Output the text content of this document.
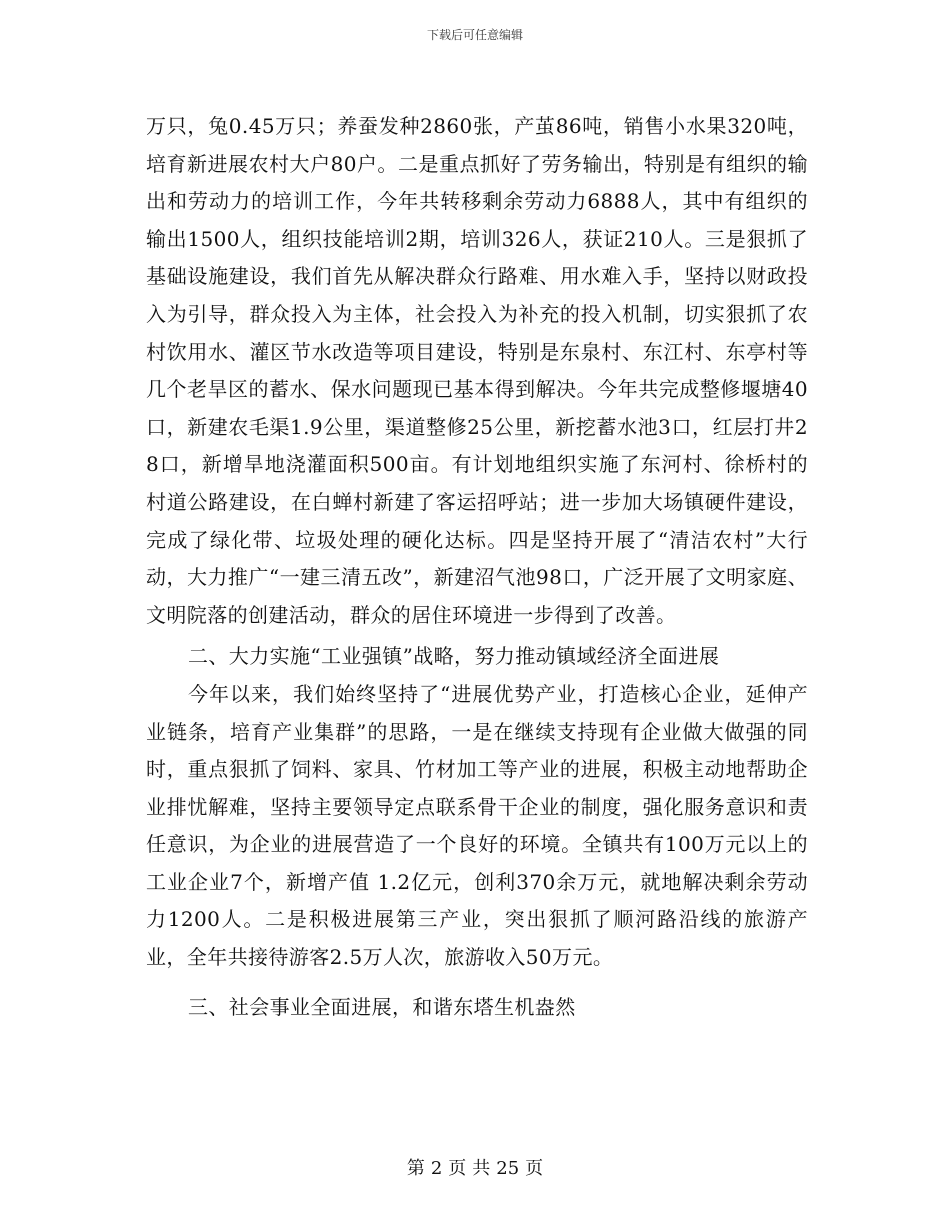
下载后可任意编辑

万只，兔0.45万只；养蚕发种2860张，产茧86吨，销售小水果320吨，培育新进展农村大户80户。二是重点抓好了劳务输出，特别是有组织的输出和劳动力的培训工作，今年共转移剩余劳动力6888人，其中有组织的输出1500人，组织技能培训2期，培训326人，获证210人。三是狠抓了基础设施建设，我们首先从解决群众行路难、用水难入手，坚持以财政投入为引导，群众投入为主体，社会投入为补充的投入机制，切实狠抓了农村饮用水、灌区节水改造等项目建设，特别是东泉村、东江村、东亭村等几个老旱区的蓄水、保水问题现已基本得到解决。今年共完成整修堰塘40口，新建农毛渠1.9公里，渠道整修25公里，新挖蓄水池3口，红层打井28口，新增旱地浇灌面积500亩。有计划地组织实施了东河村、徐桥村的村道公路建设，在白蝉村新建了客运招呼站；进一步加大场镇硬件建设，完成了绿化带、垃圾处理的硬化达标。四是坚持开展了“清洁农村”大行动，大力推广“一建三清五改”，新建沼气池98口，广泛开展了文明家庭、文明院落的创建活动，群众的居住环境进一步得到了改善。

二、大力实施“工业强镇”战略，努力推动镇域经济全面进展

今年以来，我们始终坚持了“进展优势产业，打造核心企业，延伸产业链条，培育产业集群”的思路，一是在继续支持现有企业做大做强的同时，重点狠抓了饲料、家具、竹材加工等产业的进展，积极主动地帮助企业排忧解难，坚持主要领导定点联系骨干企业的制度，强化服务意识和责任意识，为企业的进展营造了一个良好的环境。全镇共有100万元以上的工业企业7个，新增产值 1.2亿元，创利370余万元，就地解决剩余劳动力1200人。二是积极进展第三产业，突出狠抓了顺河路沿线的旅游产业，全年共接待游客2.5万人次，旅游收入50万元。

三、社会事业全面进展，和谐东塔生机盎然

第 2 页 共 25 页
